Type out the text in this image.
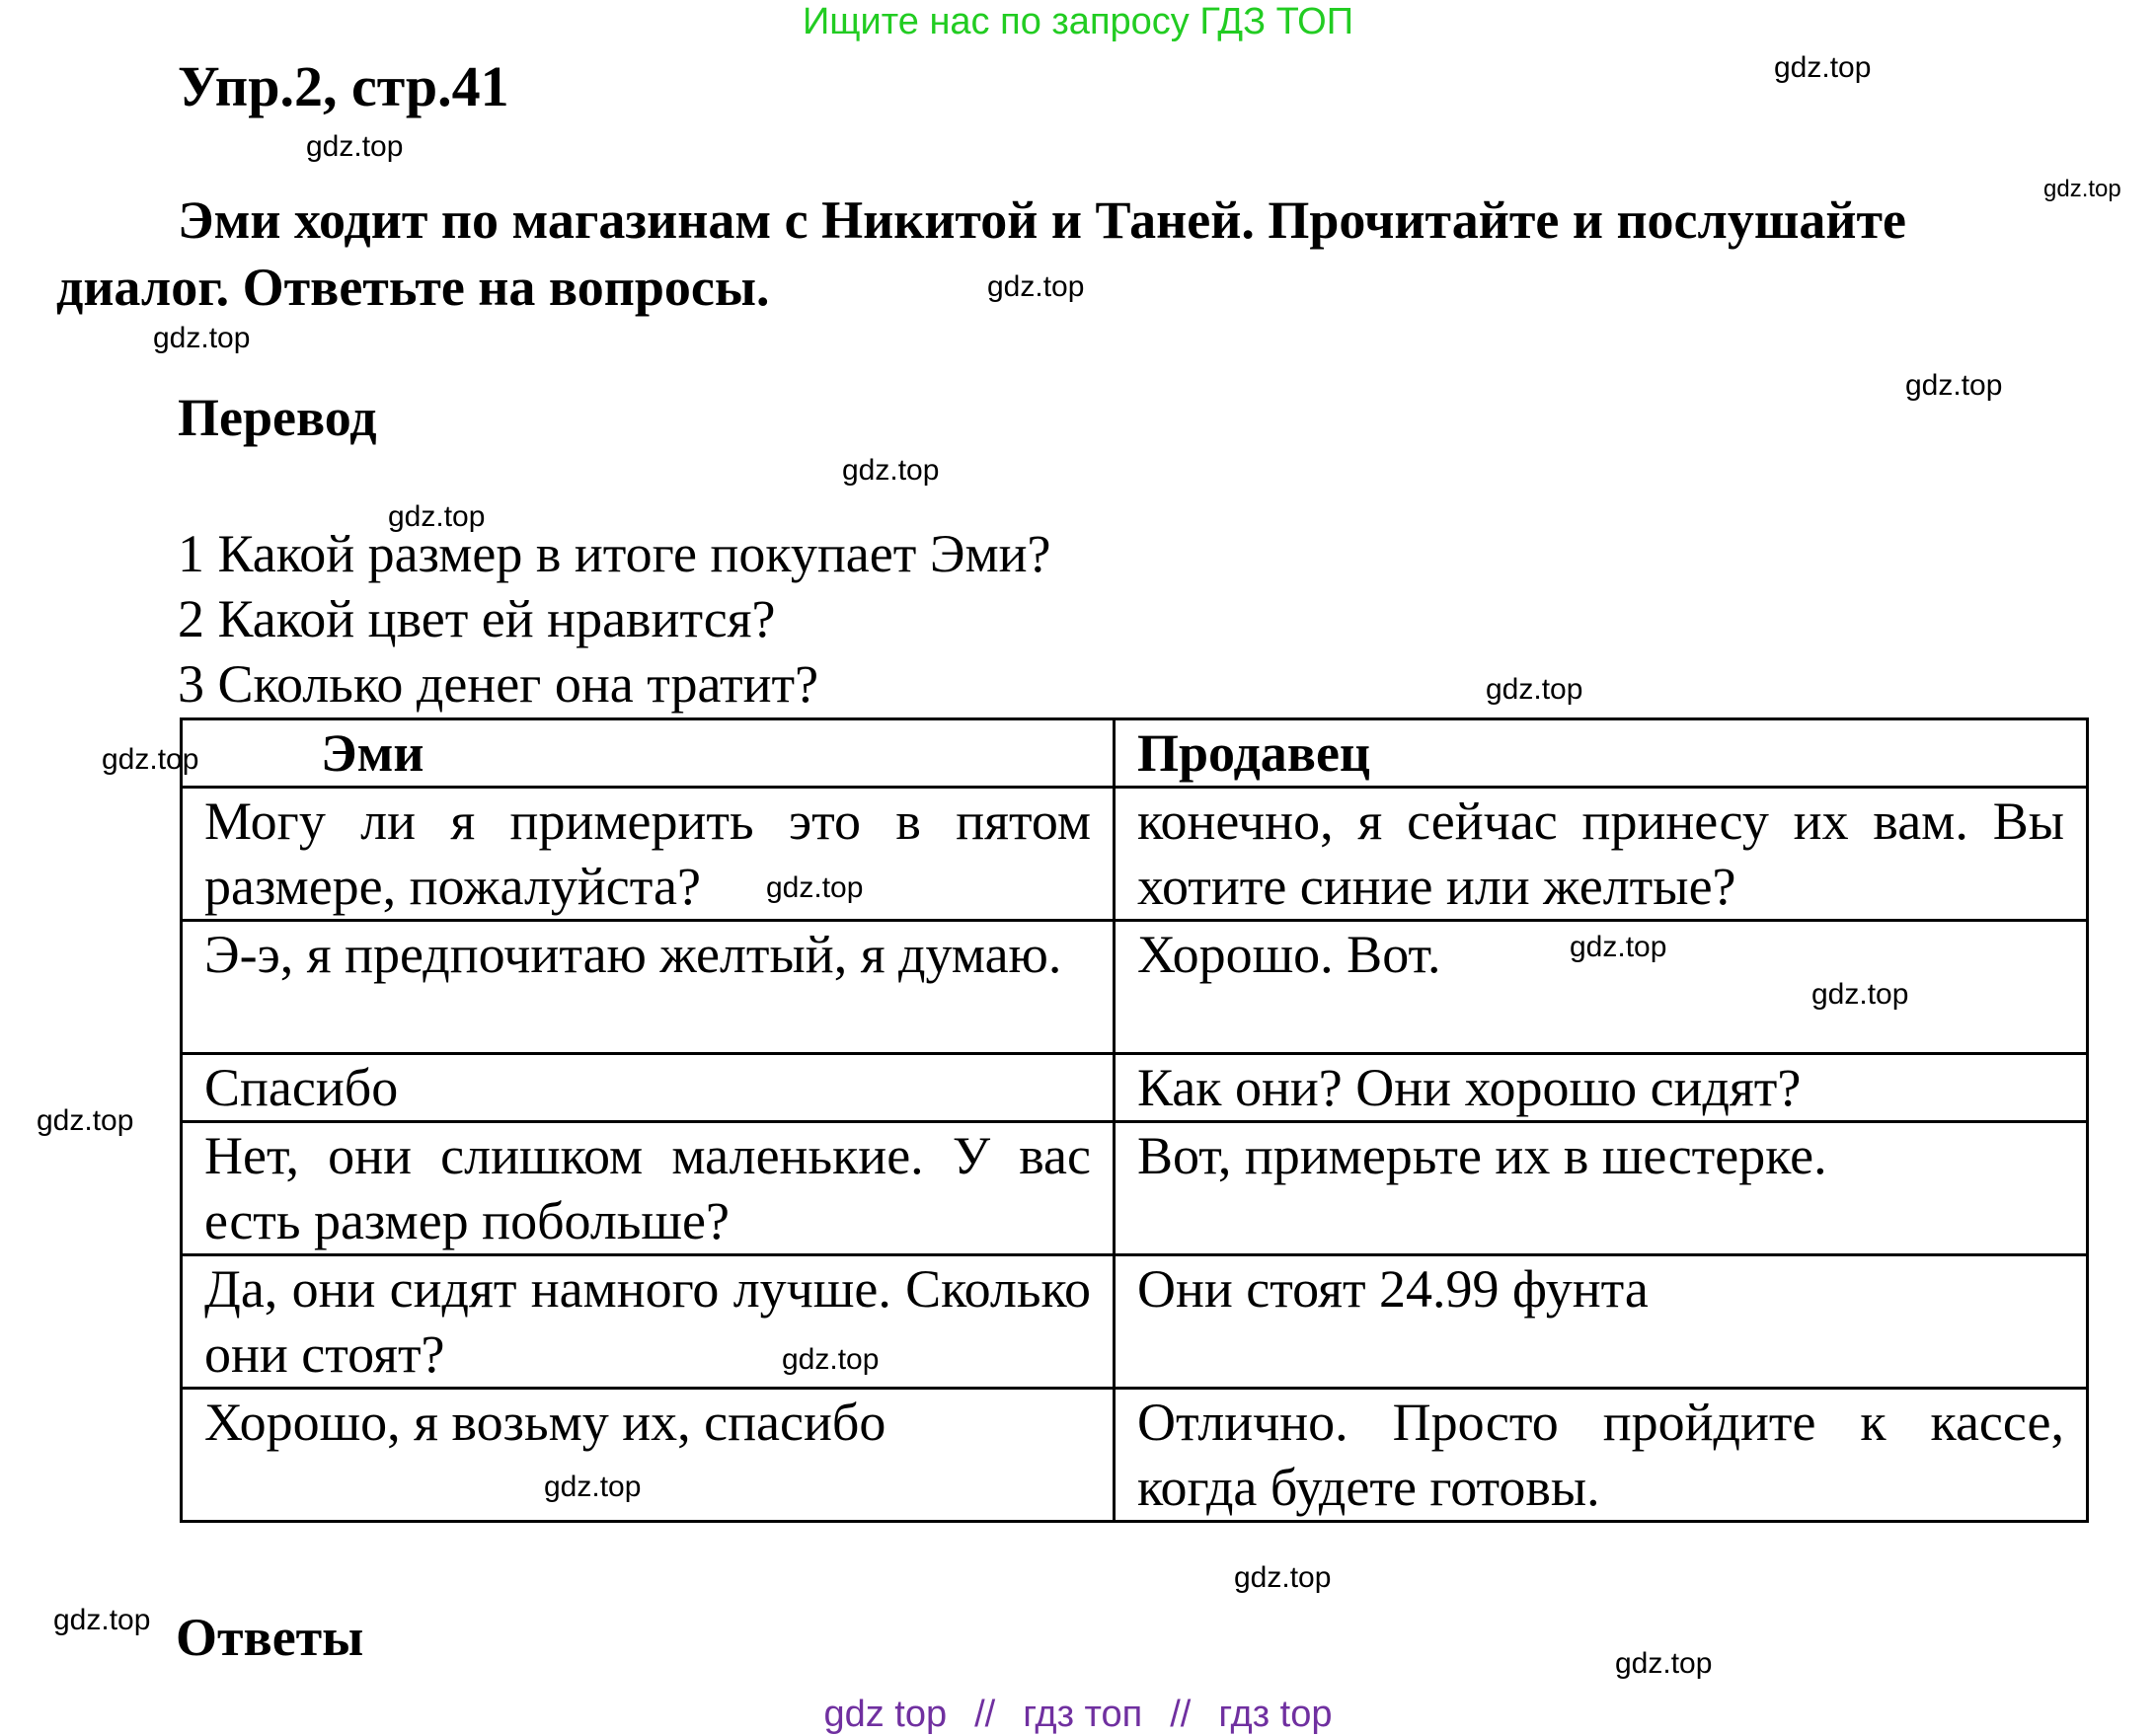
Ищите нас по запросу ГДЗ ТОП
Упр.2, стр.41
Эми ходит по магазинам с Никитой и Таней. Прочитайте и послушайте
диалог. Ответьте на вопросы.
Перевод
1 Какой размер в итоге покупает Эми?
2 Какой цвет ей нравится?
3 Сколько денег она тратит?
Эми	Продавец
Могу ли я примерить это в пятом размере, пожалуйста?	конечно, я сейчас принесу их вам. Вы хотите синие или желтые?
Э-э, я предпочитаю желтый, я думаю.	Хорошо. Вот.
Спасибо	Как они? Они хорошо сидят?
Нет, они слишком маленькие. У вас есть размер побольше?	Вот, примерьте их в шестерке.
Да, они сидят намного лучше. Сколько они стоят?	Они стоят 24.99 фунта
Хорошо, я возьму их, спасибо	Отлично. Просто пройдите к кассе, когда будете готовы.
Ответы
gdz.top
gdz.top
gdz.top
gdz.top
gdz.top
gdz.top
gdz.top
gdz.top
gdz.top
gdz.top
gdz.top
gdz.top
gdz.top
gdz.top
gdz.top
gdz.top
gdz.top
gdz.top
gdz.top
gdz top // гдз топ // гдз top
